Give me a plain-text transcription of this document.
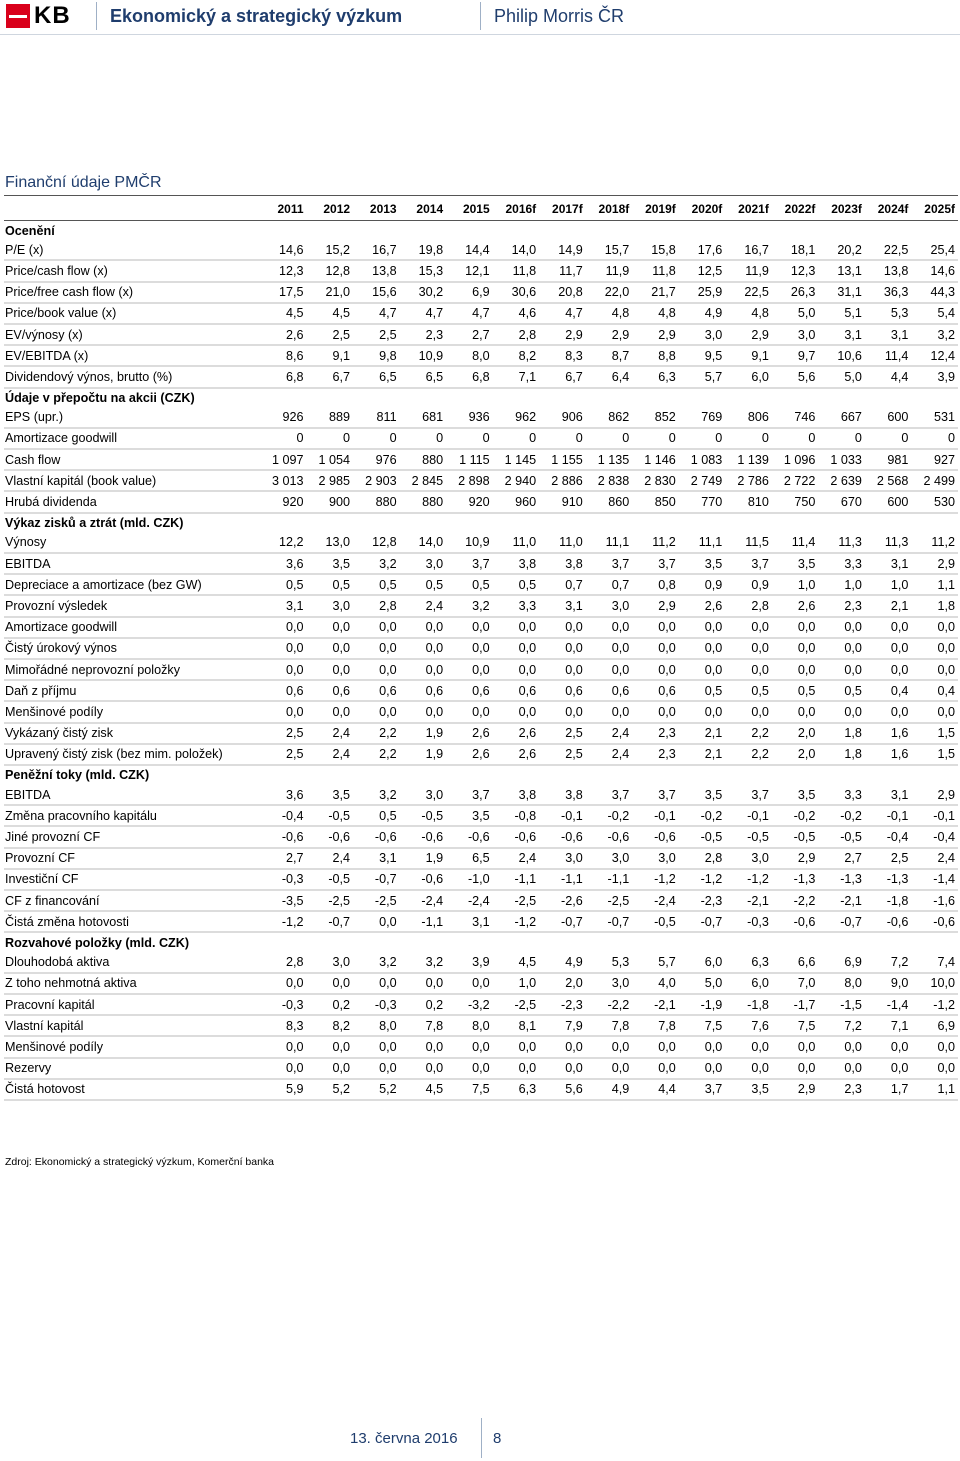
KB Ekonomický a strategický výzkum	Philip Morris ČR
Finanční údaje PMČR
	2011	2012	2013	2014	2015	2016f	2017f	2018f	2019f	2020f	2021f	2022f	2023f	2024f	2025f
Ocenění															
P/E (x)	14,6	15,2	16,7	19,8	14,4	14,0	14,9	15,7	15,8	17,6	16,7	18,1	20,2	22,5	25,4
Price/cash flow (x)	12,3	12,8	13,8	15,3	12,1	11,8	11,7	11,9	11,8	12,5	11,9	12,3	13,1	13,8	14,6
Price/free cash flow (x)	17,5	21,0	15,6	30,2	6,9	30,6	20,8	22,0	21,7	25,9	22,5	26,3	31,1	36,3	44,3
Price/book value (x)	4,5	4,5	4,7	4,7	4,7	4,6	4,7	4,8	4,8	4,9	4,8	5,0	5,1	5,3	5,4
EV/výnosy (x)	2,6	2,5	2,5	2,3	2,7	2,8	2,9	2,9	2,9	3,0	2,9	3,0	3,1	3,1	3,2
EV/EBITDA (x)	8,6	9,1	9,8	10,9	8,0	8,2	8,3	8,7	8,8	9,5	9,1	9,7	10,6	11,4	12,4
Dividendový výnos, brutto (%)	6,8	6,7	6,5	6,5	6,8	7,1	6,7	6,4	6,3	5,7	6,0	5,6	5,0	4,4	3,9
Údaje v přepočtu na akcii (CZK)															
EPS (upr.)	926	889	811	681	936	962	906	862	852	769	806	746	667	600	531
Amortizace goodwill	0	0	0	0	0	0	0	0	0	0	0	0	0	0	0
Cash flow	1 097	1 054	976	880	1 115	1 145	1 155	1 135	1 146	1 083	1 139	1 096	1 033	981	927
Vlastní kapitál (book value)	3 013	2 985	2 903	2 845	2 898	2 940	2 886	2 838	2 830	2 749	2 786	2 722	2 639	2 568	2 499
Hrubá dividenda	920	900	880	880	920	960	910	860	850	770	810	750	670	600	530
Výkaz zisků a ztrát (mld. CZK)															
Výnosy	12,2	13,0	12,8	14,0	10,9	11,0	11,0	11,1	11,2	11,1	11,5	11,4	11,3	11,3	11,2
EBITDA	3,6	3,5	3,2	3,0	3,7	3,8	3,8	3,7	3,7	3,5	3,7	3,5	3,3	3,1	2,9
Depreciace a amortizace (bez GW)	0,5	0,5	0,5	0,5	0,5	0,5	0,7	0,7	0,8	0,9	0,9	1,0	1,0	1,0	1,1
Provozní výsledek	3,1	3,0	2,8	2,4	3,2	3,3	3,1	3,0	2,9	2,6	2,8	2,6	2,3	2,1	1,8
Amortizace goodwill	0,0	0,0	0,0	0,0	0,0	0,0	0,0	0,0	0,0	0,0	0,0	0,0	0,0	0,0	0,0
Čistý úrokový výnos	0,0	0,0	0,0	0,0	0,0	0,0	0,0	0,0	0,0	0,0	0,0	0,0	0,0	0,0	0,0
Mimořádné neprovozní položky	0,0	0,0	0,0	0,0	0,0	0,0	0,0	0,0	0,0	0,0	0,0	0,0	0,0	0,0	0,0
Daň z příjmu	0,6	0,6	0,6	0,6	0,6	0,6	0,6	0,6	0,6	0,5	0,5	0,5	0,5	0,4	0,4
Menšinové podíly	0,0	0,0	0,0	0,0	0,0	0,0	0,0	0,0	0,0	0,0	0,0	0,0	0,0	0,0	0,0
Vykázaný čistý zisk	2,5	2,4	2,2	1,9	2,6	2,6	2,5	2,4	2,3	2,1	2,2	2,0	1,8	1,6	1,5
Upravený čistý zisk (bez mim. položek)	2,5	2,4	2,2	1,9	2,6	2,6	2,5	2,4	2,3	2,1	2,2	2,0	1,8	1,6	1,5
Peněžní toky (mld. CZK)															
EBITDA	3,6	3,5	3,2	3,0	3,7	3,8	3,8	3,7	3,7	3,5	3,7	3,5	3,3	3,1	2,9
Změna pracovního kapitálu	-0,4	-0,5	0,5	-0,5	3,5	-0,8	-0,1	-0,2	-0,1	-0,2	-0,1	-0,2	-0,2	-0,1	-0,1
Jiné provozní CF	-0,6	-0,6	-0,6	-0,6	-0,6	-0,6	-0,6	-0,6	-0,6	-0,5	-0,5	-0,5	-0,5	-0,4	-0,4
Provozní CF	2,7	2,4	3,1	1,9	6,5	2,4	3,0	3,0	3,0	2,8	3,0	2,9	2,7	2,5	2,4
Investiční CF	-0,3	-0,5	-0,7	-0,6	-1,0	-1,1	-1,1	-1,1	-1,2	-1,2	-1,2	-1,3	-1,3	-1,3	-1,4
CF z financování	-3,5	-2,5	-2,5	-2,4	-2,4	-2,5	-2,6	-2,5	-2,4	-2,3	-2,1	-2,2	-2,1	-1,8	-1,6
Čistá změna hotovosti	-1,2	-0,7	0,0	-1,1	3,1	-1,2	-0,7	-0,7	-0,5	-0,7	-0,3	-0,6	-0,7	-0,6	-0,6
Rozvahové položky (mld. CZK)															
Dlouhodobá aktiva	2,8	3,0	3,2	3,2	3,9	4,5	4,9	5,3	5,7	6,0	6,3	6,6	6,9	7,2	7,4
Z toho nehmotná aktiva	0,0	0,0	0,0	0,0	0,0	1,0	2,0	3,0	4,0	5,0	6,0	7,0	8,0	9,0	10,0
Pracovní kapitál	-0,3	0,2	-0,3	0,2	-3,2	-2,5	-2,3	-2,2	-2,1	-1,9	-1,8	-1,7	-1,5	-1,4	-1,2
Vlastní kapitál	8,3	8,2	8,0	7,8	8,0	8,1	7,9	7,8	7,8	7,5	7,6	7,5	7,2	7,1	6,9
Menšinové podíly	0,0	0,0	0,0	0,0	0,0	0,0	0,0	0,0	0,0	0,0	0,0	0,0	0,0	0,0	0,0
Rezervy	0,0	0,0	0,0	0,0	0,0	0,0	0,0	0,0	0,0	0,0	0,0	0,0	0,0	0,0	0,0
Čistá hotovost	5,9	5,2	5,2	4,5	7,5	6,3	5,6	4,9	4,4	3,7	3,5	2,9	2,3	1,7	1,1
Zdroj: Ekonomický a strategický výzkum, Komerční banka
13. června 2016 8
